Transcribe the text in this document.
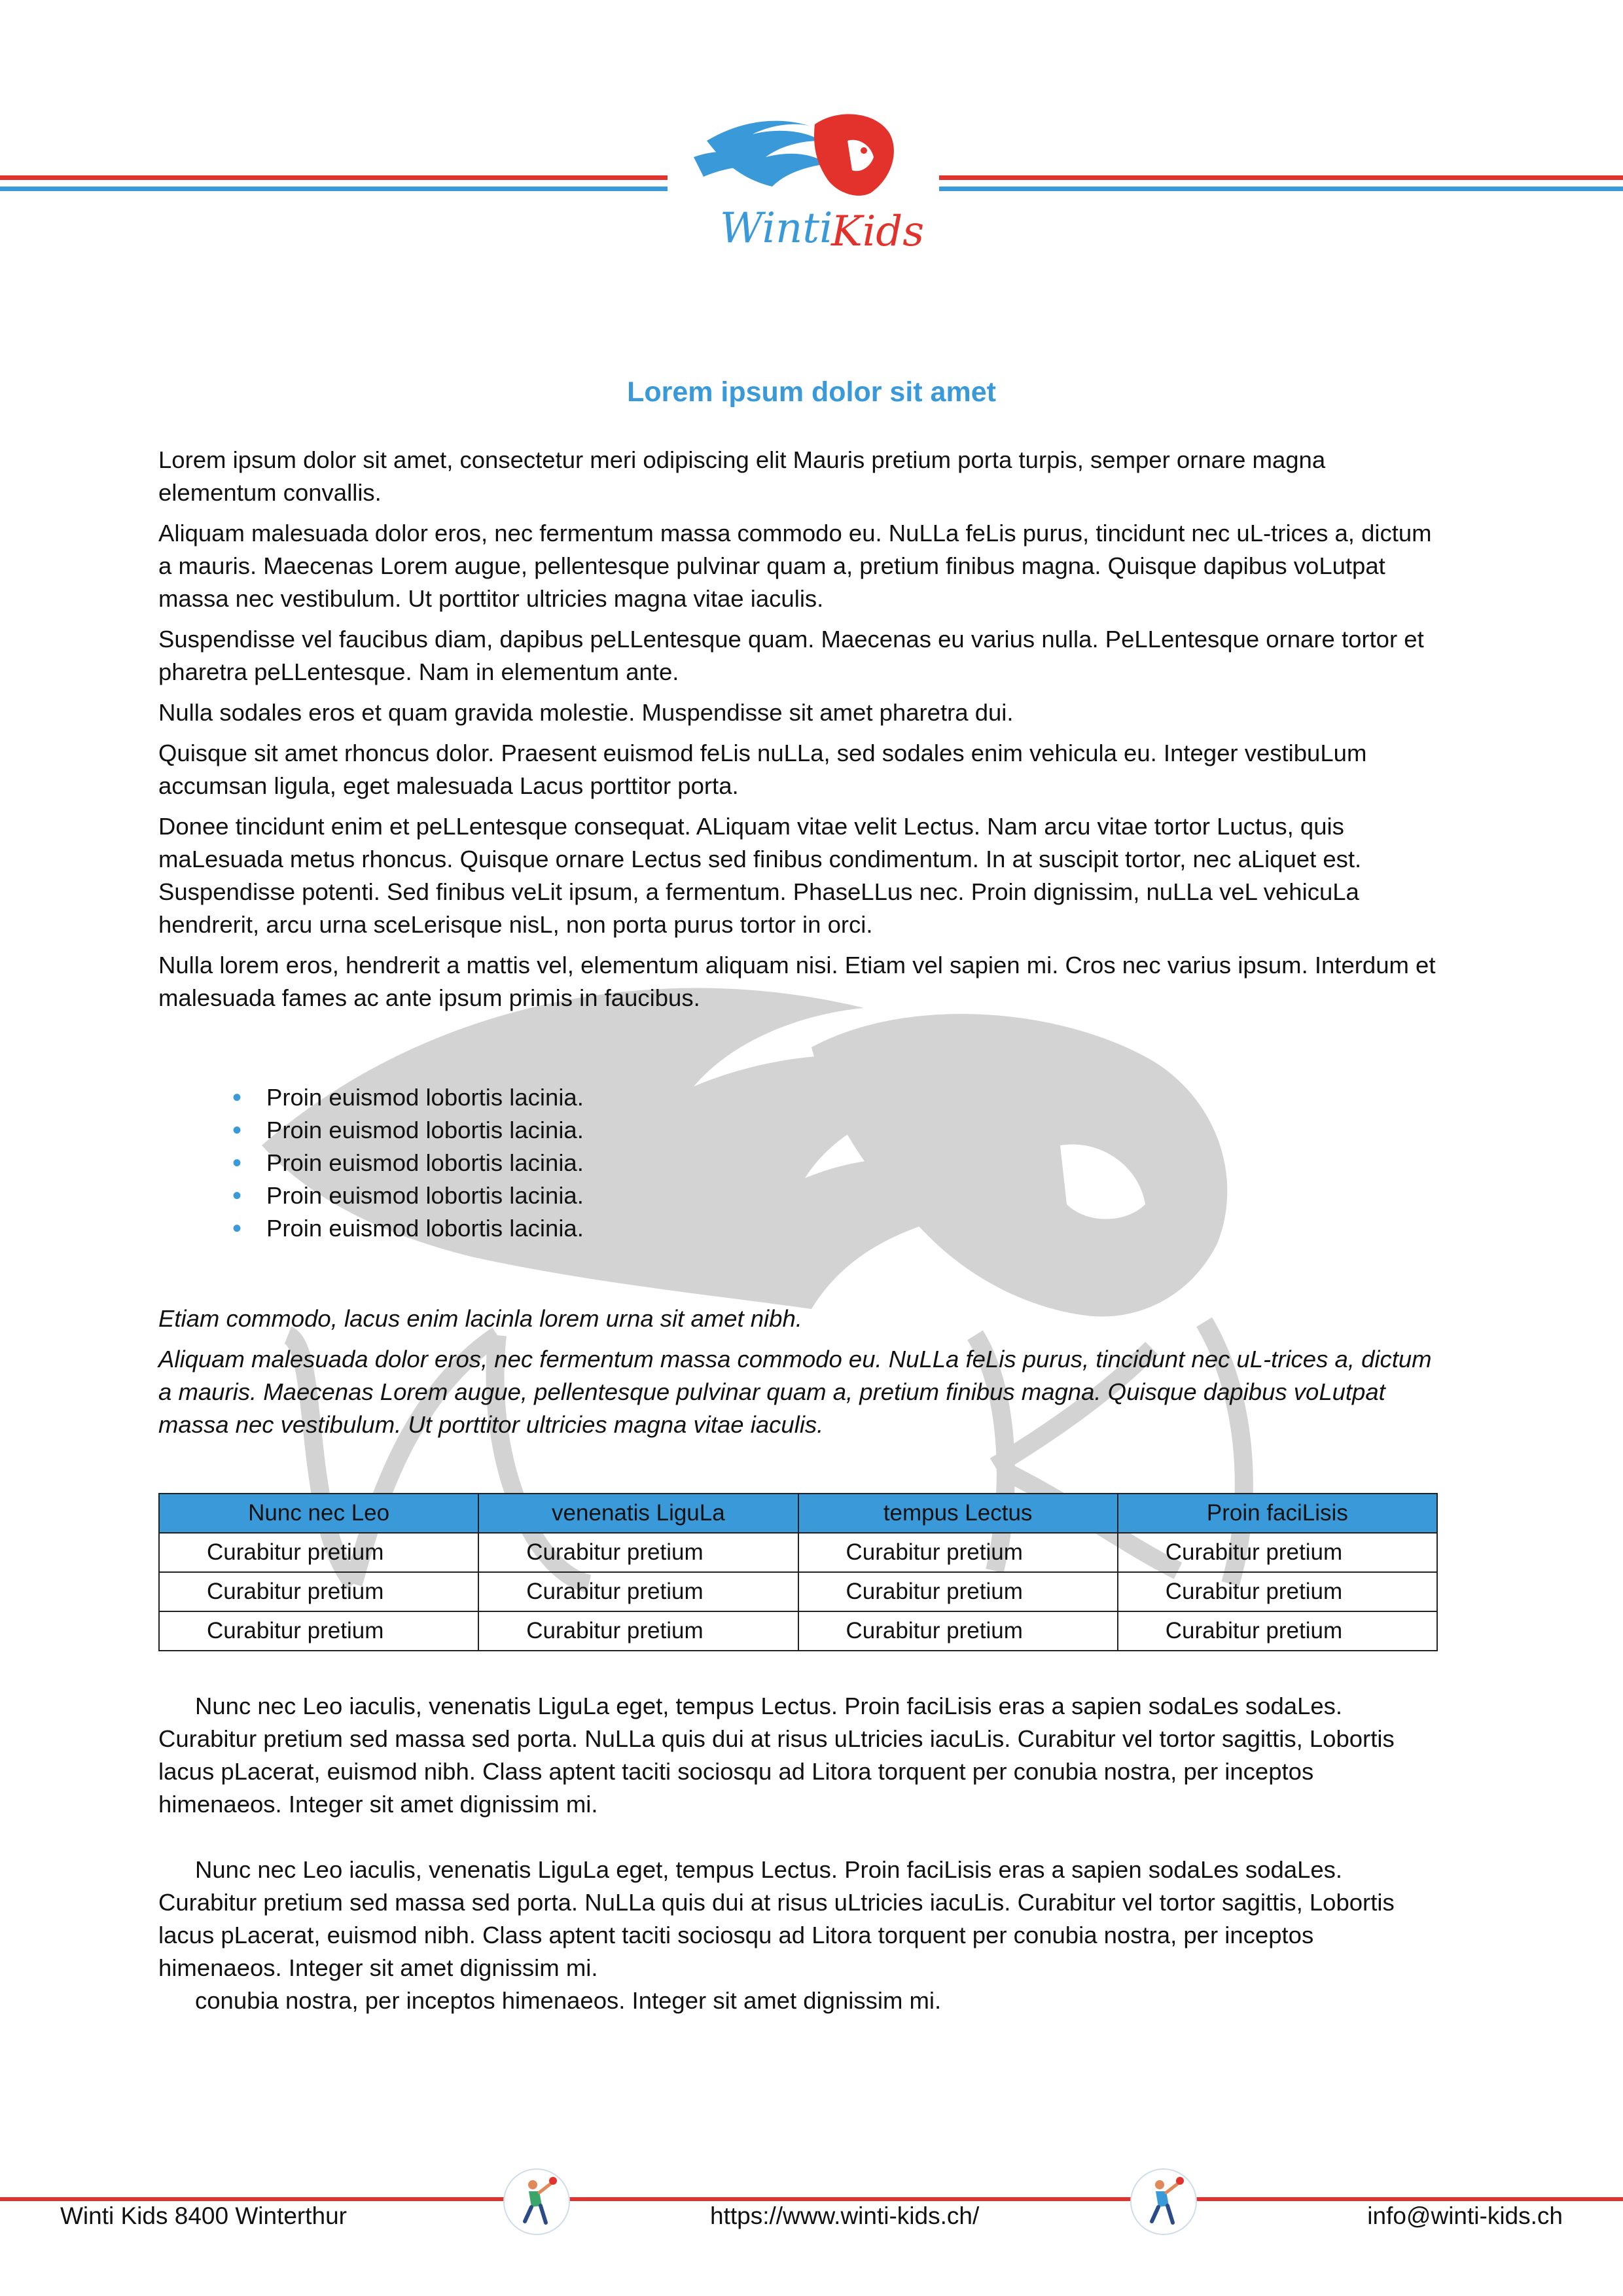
Winti
Kids
Lorem ipsum dolor sit amet

Lorem ipsum dolor sit amet, consectetur meri odipiscing elit Mauris pretium porta turpis, semper ornare magna elementum convallis.

Aliquam malesuada dolor eros, nec fermentum massa commodo eu. NuLLa feLis purus, tincidunt nec uL-trices a, dictum a mauris. Maecenas Lorem augue, pellentesque pulvinar quam a, pretium finibus magna. Quisque dapibus voLutpat massa nec vestibulum. Ut porttitor ultricies magna vitae iaculis.

Suspendisse vel faucibus diam, dapibus peLLentesque quam. Maecenas eu varius nulla. PeLLentesque ornare tortor et pharetra peLLentesque. Nam in elementum ante.

Nulla sodales eros et quam gravida molestie. Muspendisse sit amet pharetra dui.

Quisque sit amet rhoncus dolor. Praesent euismod feLis nuLLa, sed sodales enim vehicula eu. Integer vestibuLum accumsan ligula, eget malesuada Lacus porttitor porta.

Donee tincidunt enim et peLLentesque consequat. ALiquam vitae velit Lectus. Nam arcu vitae tortor Luctus, quis maLesuada metus rhoncus. Quisque ornare Lectus sed finibus condimentum. In at suscipit tortor, nec aLiquet est. Suspendisse potenti. Sed finibus veLit ipsum, a fermentum. PhaseLLus nec. Proin dignissim, nuLLa veL vehicuLa hendrerit, arcu urna sceLerisque nisL, non porta purus tortor in orci.

Nulla lorem eros, hendrerit a mattis vel, elementum aliquam nisi. Etiam vel sapien mi. Cros nec varius ipsum. Interdum et malesuada fames ac ante ipsum primis in faucibus.

• Proin euismod lobortis lacinia.
• Proin euismod lobortis lacinia.
• Proin euismod lobortis lacinia.
• Proin euismod lobortis lacinia.
• Proin euismod lobortis lacinia.

Etiam commodo, lacus enim lacinla lorem urna sit amet nibh.

Aliquam malesuada dolor eros, nec fermentum massa commodo eu. NuLLa feLis purus, tincidunt nec uL-trices a, dictum a mauris. Maecenas Lorem augue, pellentesque pulvinar quam a, pretium finibus magna. Quisque dapibus voLutpat massa nec vestibulum. Ut porttitor ultricies magna vitae iaculis.

Nunc nec Leo	venenatis LiguLa	tempus Lectus	Proin faciLisis
Curabitur pretium	Curabitur pretium	Curabitur pretium	Curabitur pretium
Curabitur pretium	Curabitur pretium	Curabitur pretium	Curabitur pretium
Curabitur pretium	Curabitur pretium	Curabitur pretium	Curabitur pretium

Nunc nec Leo iaculis, venenatis LiguLa eget, tempus Lectus. Proin faciLisis eras a sapien sodaLes sodaLes. Curabitur pretium sed massa sed porta. NuLLa quis dui at risus uLtricies iacuLis. Curabitur vel tortor sagittis, Lobortis lacus pLacerat, euismod nibh. Class aptent taciti sociosqu ad Litora torquent per conubia nostra, per inceptos himenaeos. Integer sit amet dignissim mi.

Nunc nec Leo iaculis, venenatis LiguLa eget, tempus Lectus. Proin faciLisis eras a sapien sodaLes sodaLes. Curabitur pretium sed massa sed porta. NuLLa quis dui at risus uLtricies iacuLis. Curabitur vel tortor sagittis, Lobortis lacus pLacerat, euismod nibh. Class aptent taciti sociosqu ad Litora torquent per conubia nostra, per inceptos himenaeos. Integer sit amet dignissim mi.

conubia nostra, per inceptos himenaeos. Integer sit amet dignissim mi.

Winti Kids 8400 Winterthur	https://www.winti-kids.ch/	info@winti-kids.ch
